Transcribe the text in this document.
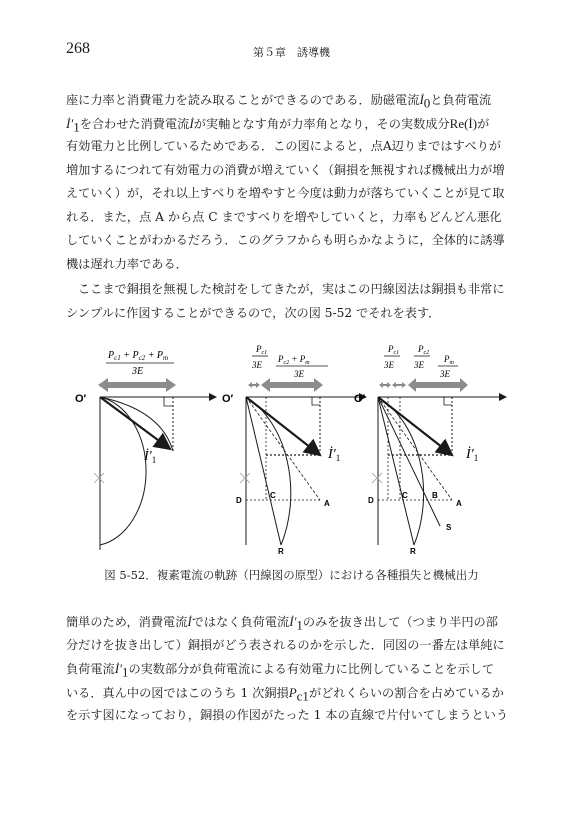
268	第５章　誘導機
座に力率と消費電力を読み取ることができるのである．励磁電流$İ_0$と負荷電流
$İ'_1$を合わせた消費電流İが実軸となす角が力率角となり，その実数成分Re(İ)が
有効電力と比例しているためである．この図によると，点A辺りまではすべりが
増加するにつれて有効電力の消費が増えていく（銅損を無視すれば機械出力が増
えていく）が，それ以上すべりを増やすと今度は動力が落ちていくことが見て取
れる．また，点 A から点 C まですべりを増やしていくと，力率もどんどん悪化
していくことがわかるだろう．このグラフからも明らかなように，全体的に誘導
機は遅れ力率である．
ここまで銅損を無視した検討をしてきたが，実はこの円線図法は銅損も非常に
シンプルに作図することができるので，次の図 5-52 でそれを表す．
$P_{c1} + P_{c2} + P_m$
3E
O′
$İ'_1$
$P_{c1}$
3E
$P_{c2} + P_m$
3E
O′
$İ'_1$
D
C
A
R
$P_{c1}$
3E
$P_{c2}$
3E
$P_m$
3E
O′
$İ'_1$
D
C	B
A
S
R
図 5-52．複素電流の軌跡（円線図の原型）における各種損失と機械出力
簡単のため，消費電流İではなく負荷電流$İ'_1$のみを抜き出して（つまり半円の部
分だけを抜き出して）銅損がどう表されるのかを示した．同図の一番左は単純に
負荷電流$İ'_1$の実数部分が負荷電流による有効電力に比例していることを示して
いる．真ん中の図ではこのうち 1 次銅損$P_{c1}$がどれくらいの割合を占めているか
を示す図になっており，銅損の作図がたった 1 本の直線で片付いてしまうという
